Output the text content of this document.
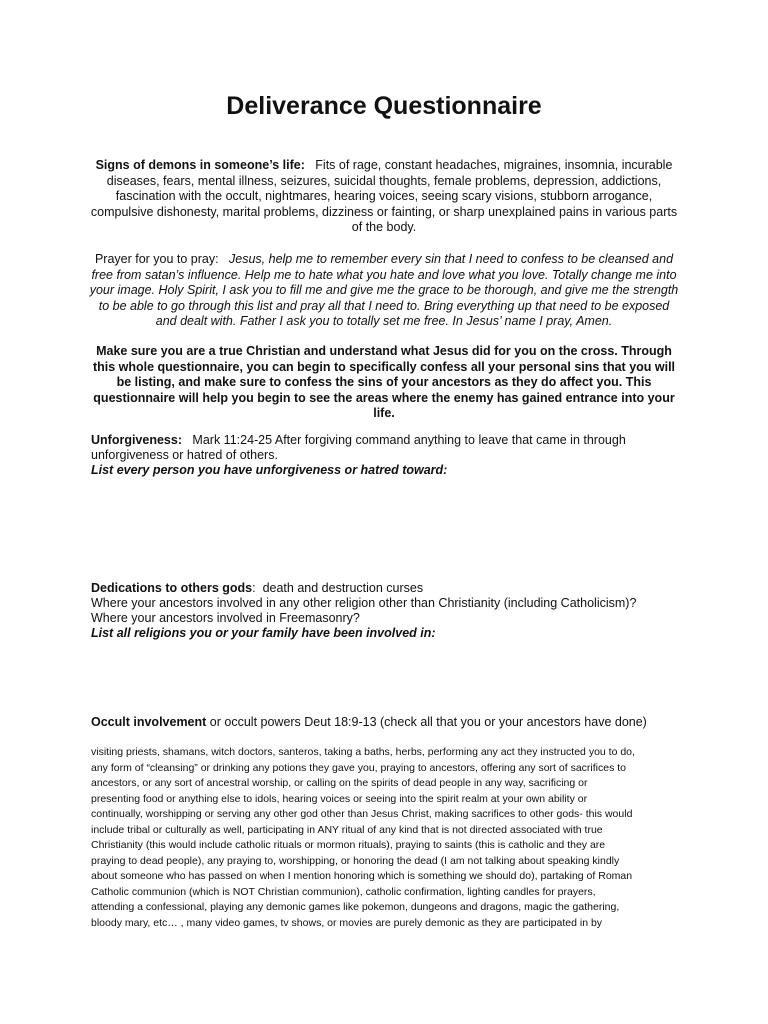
Deliverance Questionnaire

Signs of demons in someone’s life: Fits of rage, constant headaches, migraines, insomnia, incurable diseases, fears, mental illness, seizures, suicidal thoughts, female problems, depression, addictions, fascination with the occult, nightmares, hearing voices, seeing scary visions, stubborn arrogance, compulsive dishonesty, marital problems, dizziness or fainting, or sharp unexplained pains in various parts of the body.

Prayer for you to pray: Jesus, help me to remember every sin that I need to confess to be cleansed and free from satan’s influence. Help me to hate what you hate and love what you love. Totally change me into your image. Holy Spirit, I ask you to fill me and give me the grace to be thorough, and give me the strength to be able to go through this list and pray all that I need to. Bring everything up that need to be exposed and dealt with. Father I ask you to totally set me free. In Jesus’ name I pray, Amen.

Make sure you are a true Christian and understand what Jesus did for you on the cross. Through this whole questionnaire, you can begin to specifically confess all your personal sins that you will be listing, and make sure to confess the sins of your ancestors as they do affect you. This questionnaire will help you begin to see the areas where the enemy has gained entrance into your life.

Unforgiveness: Mark 11:24-25 After forgiving command anything to leave that came in through unforgiveness or hatred of others.
List every person you have unforgiveness or hatred toward:
Dedications to others gods: death and destruction curses
Where your ancestors involved in any other religion other than Christianity (including Catholicism)?
Where your ancestors involved in Freemasonry?
List all religions you or your family have been involved in:
Occult involvement or occult powers Deut 18:9-13 (check all that you or your ancestors have done)
visiting priests, shamans, witch doctors, santeros, taking a baths, herbs, performing any act they instructed you to do,
any form of “cleansing” or drinking any potions they gave you, praying to ancestors, offering any sort of sacrifices to
ancestors, or any sort of ancestral worship, or calling on the spirits of dead people in any way, sacrificing or
presenting food or anything else to idols, hearing voices or seeing into the spirit realm at your own ability or
continually, worshipping or serving any other god other than Jesus Christ, making sacrifices to other gods- this would
include tribal or culturally as well, participating in ANY ritual of any kind that is not directed associated with true
Christianity (this would include catholic rituals or mormon rituals), praying to saints (this is catholic and they are
praying to dead people), any praying to, worshipping, or honoring the dead (I am not talking about speaking kindly
about someone who has passed on when I mention honoring which is something we should do), partaking of Roman
Catholic communion (which is NOT Christian communion), catholic confirmation, lighting candles for prayers,
attending a confessional, playing any demonic games like pokemon, dungeons and dragons, magic the gathering,
bloody mary, etc… , many video games, tv shows, or movies are purely demonic as they are participated in by
